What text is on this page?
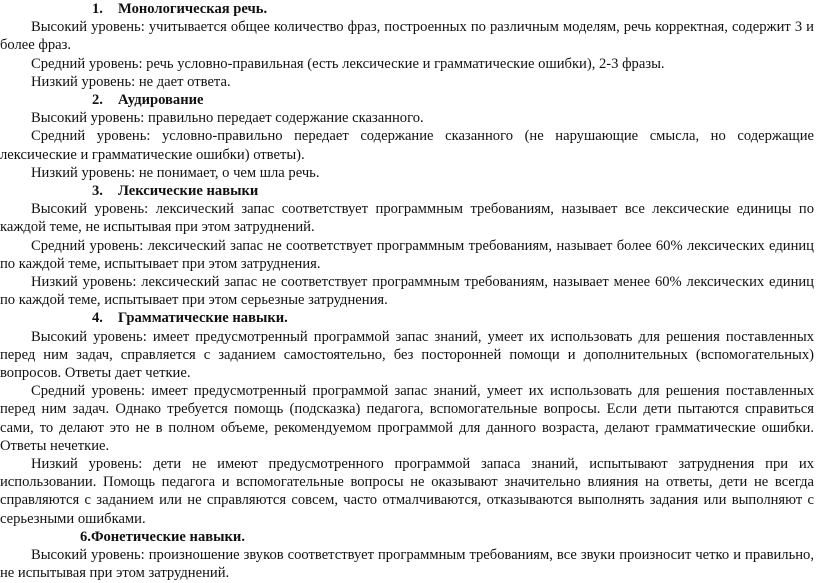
1. Монологическая речь.

Высокий уровень: учитывается общее количество фраз, построенных по различным моделям, речь корректная, содержит 3 и более фраз.

Средний уровень: речь условно-правильная (есть лексические и грамматические ошибки), 2-3 фразы.

Низкий уровень: не дает ответа.

2. Аудирование

Высокий уровень: правильно передает содержание сказанного.

Средний уровень: условно-правильно передает содержание сказанного (не нарушающие смысла, но содержащие лексические и грамматические ошибки) ответы).

Низкий уровень: не понимает, о чем шла речь.

3. Лексические навыки

Высокий уровень: лексический запас соответствует программным требованиям, называет все лексические единицы по каждой теме, не испытывая при этом затруднений.

Средний уровень: лексический запас не соответствует программным требованиям, называет более 60% лексических единиц по каждой теме, испытывает при этом затруднения.

Низкий уровень: лексический запас не соответствует программным требованиям, называет менее 60% лексических единиц по каждой теме, испытывает при этом серьезные затруднения.

4. Грамматические навыки.

Высокий уровень: имеет предусмотренный программой запас знаний, умеет их использовать для решения поставленных перед ним задач, справляется с заданием самостоятельно, без посторонней помощи и дополнительных (вспомогательных) вопросов. Ответы дает четкие.

Средний уровень: имеет предусмотренный программой запас знаний, умеет их использовать для решения поставленных перед ним задач. Однако требуется помощь (подсказка) педагога, вспомогательные вопросы. Если дети пытаются справиться сами, то делают это не в полном объеме, рекомендуемом программой для данного возраста, делают грамматические ошибки. Ответы нечеткие.

Низкий уровень: дети не имеют предусмотренного программой запаса знаний, испытывают затруднения при их использовании. Помощь педагога и вспомогательные вопросы не оказывают значительно влияния на ответы, дети не всегда справляются с заданием или не справляются совсем, часто отмалчиваются, отказываются выполнять задания или выполняют с серьезными ошибками.

6.Фонетические навыки.

Высокий уровень: произношение звуков соответствует программным требованиям, все звуки произносит четко и правильно, не испытывая при этом затруднений.
